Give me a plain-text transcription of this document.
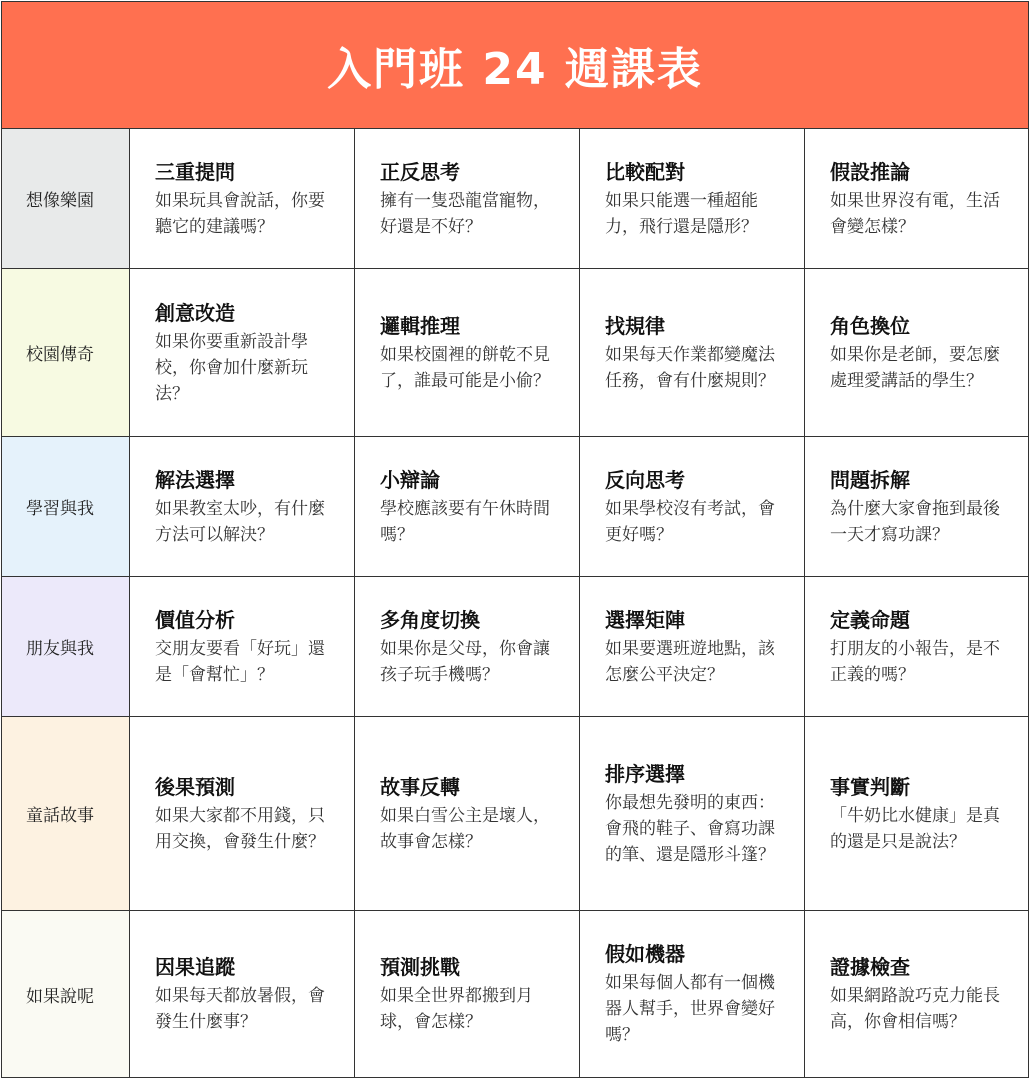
入門班 24 週課表
想像樂園
三重提問
如果玩具會說話，你要聽它的建議嗎？
正反思考
擁有一隻恐龍當寵物，好還是不好？
比較配對
如果只能選一種超能力，飛行還是隱形？
假設推論
如果世界沒有電，生活會變怎樣？
校園傳奇
創意改造
如果你要重新設計學校，你會加什麼新玩法？
邏輯推理
如果校園裡的餅乾不見了，誰最可能是小偷？
找規律
如果每天作業都變魔法任務，會有什麼規則？
角色換位
如果你是老師，要怎麼處理愛講話的學生？
學習與我
解法選擇
如果教室太吵，有什麼方法可以解決？
小辯論
學校應該要有午休時間嗎？
反向思考
如果學校沒有考試，會更好嗎？
問題拆解
為什麼大家會拖到最後一天才寫功課？
朋友與我
價值分析
交朋友要看「好玩」還是「會幫忙」？
多角度切換
如果你是父母，你會讓孩子玩手機嗎？
選擇矩陣
如果要選班遊地點，該怎麼公平決定？
定義命題
打朋友的小報告，是不正義的嗎？
童話故事
後果預測
如果大家都不用錢，只用交換，會發生什麼？
故事反轉
如果白雪公主是壞人，故事會怎樣？
排序選擇
你最想先發明的東西：會飛的鞋子、會寫功課的筆、還是隱形斗篷？
事實判斷
「牛奶比水健康」是真的還是只是說法？
如果說呢
因果追蹤
如果每天都放暑假，會發生什麼事？
預測挑戰
如果全世界都搬到月球，會怎樣？
假如機器
如果每個人都有一個機器人幫手，世界會變好嗎？
證據檢查
如果網路說巧克力能長高，你會相信嗎？
